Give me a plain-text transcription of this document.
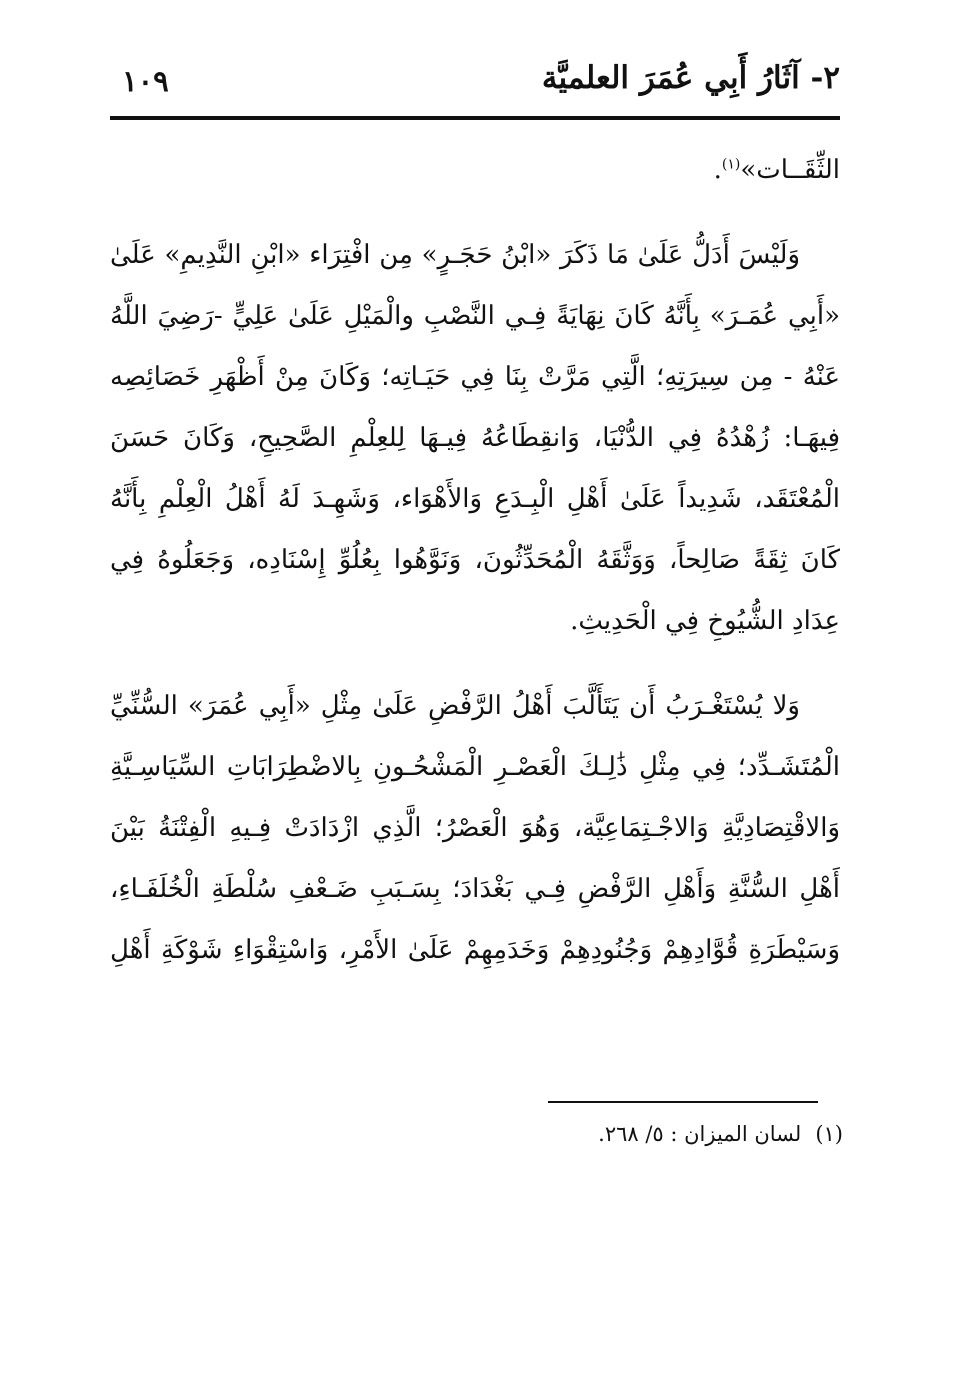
١٠٩	٢- آثَارُ أَبِي عُمَرَ العلميَّة
الثِّقَــات»$^{(١)}$.
وَلَيْسَ أَدَلُّ عَلَىٰ مَا ذَكَرَ «ابْنُ حَجَـرٍ» مِن افْتِرَاء «ابْنِ النَّدِيمِ» عَلَىٰ
«أَبِي عُمَـرَ» بِأَنَّهُ كَانَ نِهَايَةً فِـي النَّصْبِ والْمَيْلِ عَلَىٰ عَلِيٍّ -رَضِيَ اللَّهُ
عَنْهُ - مِن سِيرَتِهِ؛ الَّتِي مَرَّتْ بِنَا فِي حَيَـاتِه؛ وَكَانَ مِنْ أَظْهَرِ خَصَائِصِه
فِيهَـا: زُهْدُهُ فِي الدُّنْيَا، وَانقِطَاعُهُ فِيـهَا لِلعِلْمِ الصَّحِيحِ، وَكَانَ حَسَنَ
الْمُعْتَقَد، شَدِيداً عَلَىٰ أَهْلِ الْبِـدَعِ وَالأَهْوَاء، وَشَهِـدَ لَهُ أَهْلُ الْعِلْمِ بِأَنَّهُ
كَانَ ثِقَةً صَالِحاً، وَوَثَّقَهُ الْمُحَدِّثُونَ، وَنَوَّهُوا بِعُلُوِّ إِسْنَادِه، وَجَعَلُوهُ فِي
عِدَادِ الشُّيُوخِ فِي الْحَدِيثِ.
وَلا يُسْتَغْـرَبُ أَن يَتَأَلَّبَ أَهْلُ الرَّفْضِ عَلَىٰ مِثْلِ «أَبِي عُمَرَ» السُّنِّيِّ
الْمُتَشَـدِّد؛ فِي مِثْلِ ذَٰلِـكَ الْعَصْـرِ الْمَشْحُـونِ بِالاضْطِرَابَاتِ السِّيَاسِـيَّةِ
وَالاقْتِصَادِيَّةِ وَالاجْـتِمَاعِيَّة، وَهُوَ الْعَصْرُ؛ الَّذِي ازْدَادَتْ فِـيهِ الْفِتْنَةُ بَيْنَ
أَهْلِ السُّنَّةِ وَأَهْلِ الرَّفْضِ فِـي بَغْدَادَ؛ بِسَـبَبِ ضَـعْفِ سُلْطَةِ الْخُلَفَـاءِ،
وَسَيْطَرَةِ قُوَّادِهِمْ وَجُنُودِهِمْ وَخَدَمِهِمْ عَلَىٰ الأَمْرِ، وَاسْتِقْوَاءِ شَوْكَةِ أَهْلِ
(١)لسان الميزان : ٥/ ٢٦٨.
